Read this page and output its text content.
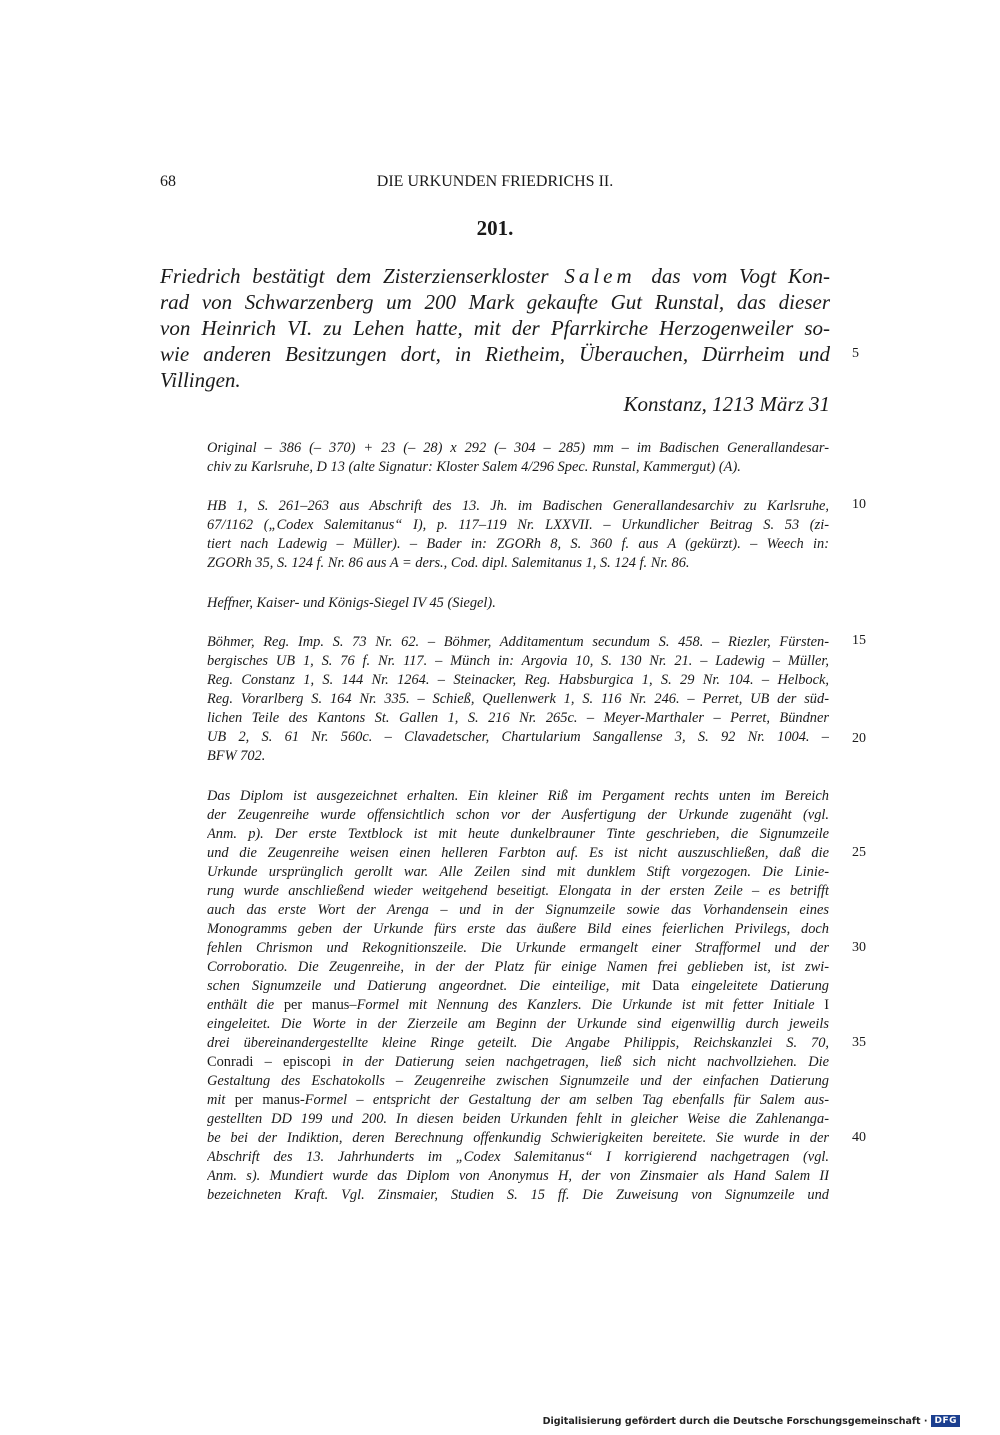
68	DIE URKUNDEN FRIEDRICHS II.
201.
Friedrich bestätigt dem Zisterzienserkloster Salem das vom Vogt Kon-
rad von Schwarzenberg um 200 Mark gekaufte Gut Runstal, das dieser
von Heinrich VI. zu Lehen hatte, mit der Pfarrkirche Herzogenweiler so-
wie anderen Besitzungen dort, in Rietheim, Überauchen, Dürrheim und
Villingen.
Konstanz, 1213 März 31
Original – 386 (– 370) + 23 (– 28) x 292 (– 304 – 285) mm – im Badischen Generallandesar-
chiv zu Karlsruhe, D 13 (alte Signatur: Kloster Salem 4/296 Spec. Runstal, Kammergut) (A).
HB 1, S. 261–263 aus Abschrift des 13. Jh. im Badischen Generallandesarchiv zu Karlsruhe,
67/1162 („Codex Salemitanus“ I), p. 117–119 Nr. LXXVII. – Urkundlicher Beitrag S. 53 (zi-
tiert nach Ladewig – Müller). – Bader in: ZGORh 8, S. 360 f. aus A (gekürzt). – Weech in:
ZGORh 35, S. 124 f. Nr. 86 aus A = ders., Cod. dipl. Salemitanus 1, S. 124 f. Nr. 86.
Heffner, Kaiser- und Königs-Siegel IV 45 (Siegel).
Böhmer, Reg. Imp. S. 73 Nr. 62. – Böhmer, Additamentum secundum S. 458. – Riezler, Fürsten-
bergisches UB 1, S. 76 f. Nr. 117. – Münch in: Argovia 10, S. 130 Nr. 21. – Ladewig – Müller,
Reg. Constanz 1, S. 144 Nr. 1264. – Steinacker, Reg. Habsburgica 1, S. 29 Nr. 104. – Helbock,
Reg. Vorarlberg S. 164 Nr. 335. – Schieß, Quellenwerk 1, S. 116 Nr. 246. – Perret, UB der süd-
lichen Teile des Kantons St. Gallen 1, S. 216 Nr. 265c. – Meyer-Marthaler – Perret, Bündner
UB 2, S. 61 Nr. 560c. – Clavadetscher, Chartularium Sangallense 3, S. 92 Nr. 1004. –
BFW 702.
Das Diplom ist ausgezeichnet erhalten. Ein kleiner Riß im Pergament rechts unten im Bereich
der Zeugenreihe wurde offensichtlich schon vor der Ausfertigung der Urkunde zugenäht (vgl.
Anm. p). Der erste Textblock ist mit heute dunkelbrauner Tinte geschrieben, die Signumzeile
und die Zeugenreihe weisen einen helleren Farbton auf. Es ist nicht auszuschließen, daß die
Urkunde ursprünglich gerollt war. Alle Zeilen sind mit dunklem Stift vorgezogen. Die Linie-
rung wurde anschließend wieder weitgehend beseitigt. Elongata in der ersten Zeile – es betrifft
auch das erste Wort der Arenga – und in der Signumzeile sowie das Vorhandensein eines
Monogramms geben der Urkunde fürs erste das äußere Bild eines feierlichen Privilegs, doch
fehlen Chrismon und Rekognitionszeile. Die Urkunde ermangelt einer Strafformel und der
Corroboratio. Die Zeugenreihe, in der der Platz für einige Namen frei geblieben ist, ist zwi-
schen Signumzeile und Datierung angeordnet. Die einteilige, mit Data eingeleitete Datierung
enthält die per manus–Formel mit Nennung des Kanzlers. Die Urkunde ist mit fetter Initiale I
eingeleitet. Die Worte in der Zierzeile am Beginn der Urkunde sind eigenwillig durch jeweils
drei übereinandergestellte kleine Ringe geteilt. Die Angabe Philippis, Reichskanzlei S. 70,
Conradi – episcopi in der Datierung seien nachgetragen, ließ sich nicht nachvollziehen. Die
Gestaltung des Eschatokolls – Zeugenreihe zwischen Signumzeile und der einfachen Datierung
mit per manus-Formel – entspricht der Gestaltung der am selben Tag ebenfalls für Salem aus-
gestellten DD 199 und 200. In diesen beiden Urkunden fehlt in gleicher Weise die Zahlenanga-
be bei der Indiktion, deren Berechnung offenkundig Schwierigkeiten bereitete. Sie wurde in der
Abschrift des 13. Jahrhunderts im „Codex Salemitanus“ I korrigierend nachgetragen (vgl.
Anm. s). Mundiert wurde das Diplom von Anonymus H, der von Zinsmaier als Hand Salem II
bezeichneten Kraft. Vgl. Zinsmaier, Studien S. 15 ff. Die Zuweisung von Signumzeile und
5
10
15
20
25
30
35
40
Digitalisierung gefördert durch die Deutsche Forschungsgemeinschaft · DFG
